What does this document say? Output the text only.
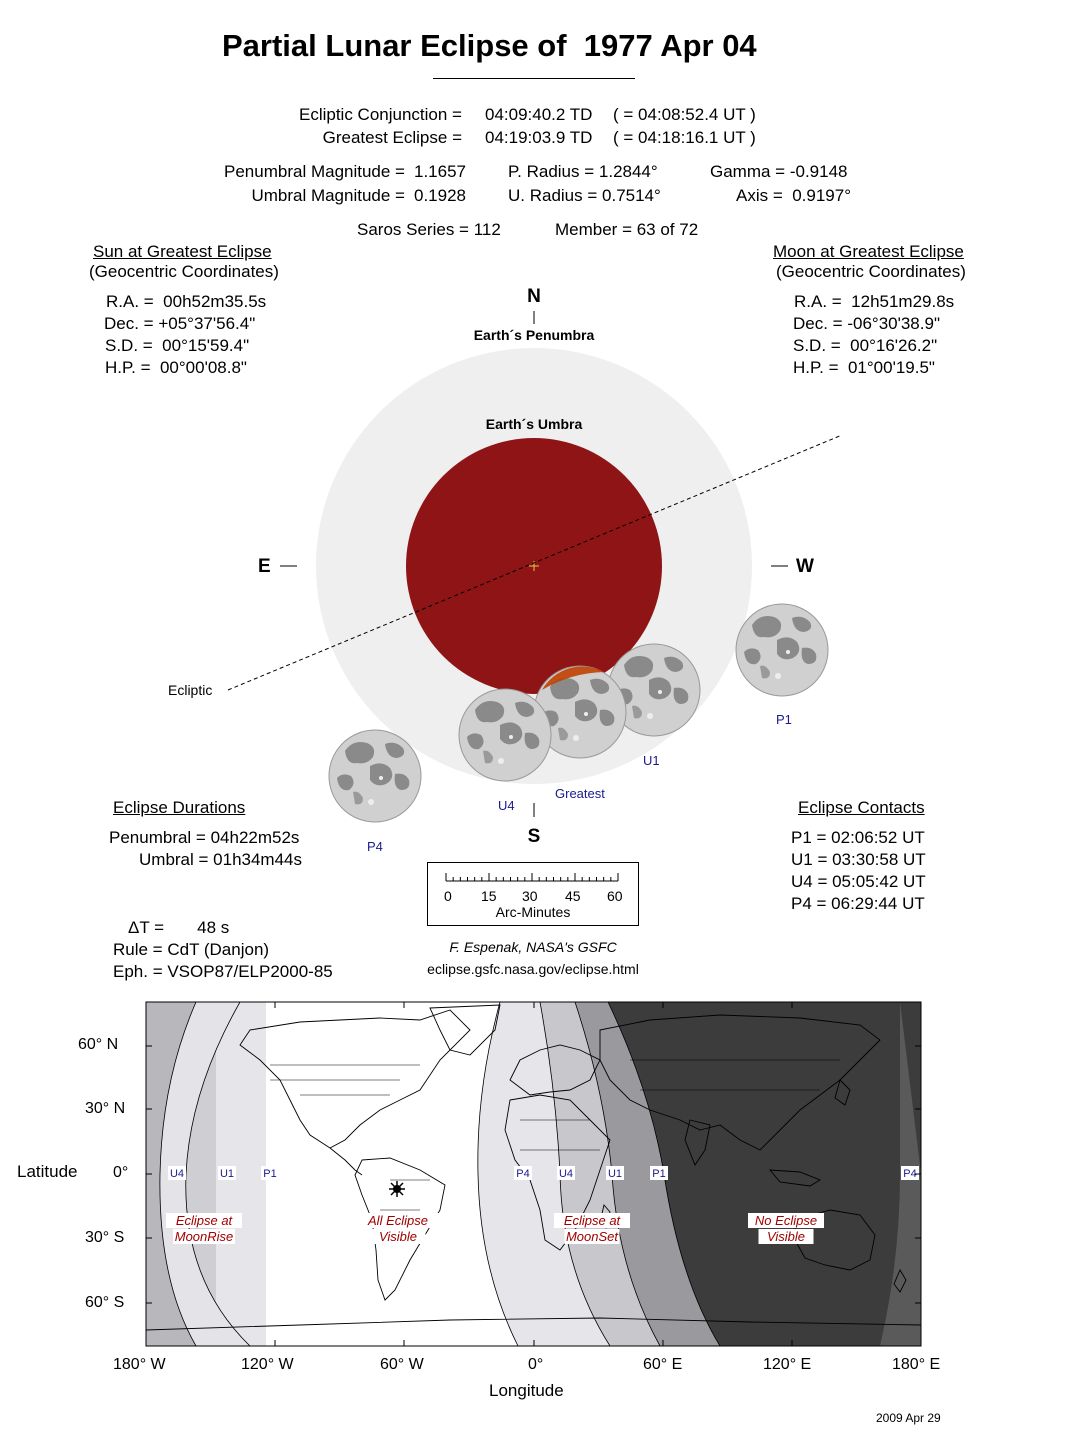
Partial Lunar Eclipse of  1977 Apr 04
Ecliptic Conjunction = 04:09:40.2 TD ( = 04:08:52.4 UT )
Greatest Eclipse = 04:19:03.9 TD ( = 04:18:16.1 UT )
Penumbral Magnitude = 1.1657
Umbral Magnitude = 0.1928
P. Radius = 1.2844°
U. Radius = 0.7514°
Gamma = -0.9148
Axis =  0.9197°
Saros Series = 112	Member = 63 of 72
Sun at Greatest Eclipse
(Geocentric Coordinates)
R.A. =  00h52m35.5s
Dec. = +05°37'56.4"
S.D. =  00°15'59.4"
H.P. =  00°00'08.8"
Moon at Greatest Eclipse
(Geocentric Coordinates)
R.A. =  12h51m29.8s
Dec. = -06°30'38.9"
S.D. =  00°16'26.2"
H.P. =  01°00'19.5"
N
Earth´s Penumbra
Earth´s Umbra
Ecliptic
E	W
P1
U1
Greatest
U4
P4	S
Eclipse Durations
Penumbral = 04h22m52s
Umbral = 01h34m44s
Eclipse Contacts
P1 = 02:06:52 UT
U1 = 03:30:58 UT
U4 = 05:05:42 UT
P4 = 06:29:44 UT

0

15

30

45

60

Arc-Minutes

ΔT =       48 s
Rule = CdT (Danjon)
Eph. = VSOP87/ELP2000-85
F. Espenak, NASA's GSFC
eclipse.gsfc.nasa.gov/eclipse.html
U4	U1	P1	P4	U4	U1	P1	P4
Eclipse at
MoonRise
All Eclipse
Visible
Eclipse at
MoonSet
No Eclipse
Visible
60° N
30° N
0°
30° S
60° S
Latitude
180° W	120° W	60° W	0°	60° E	120° E	180° E
Longitude
2009 Apr 29
